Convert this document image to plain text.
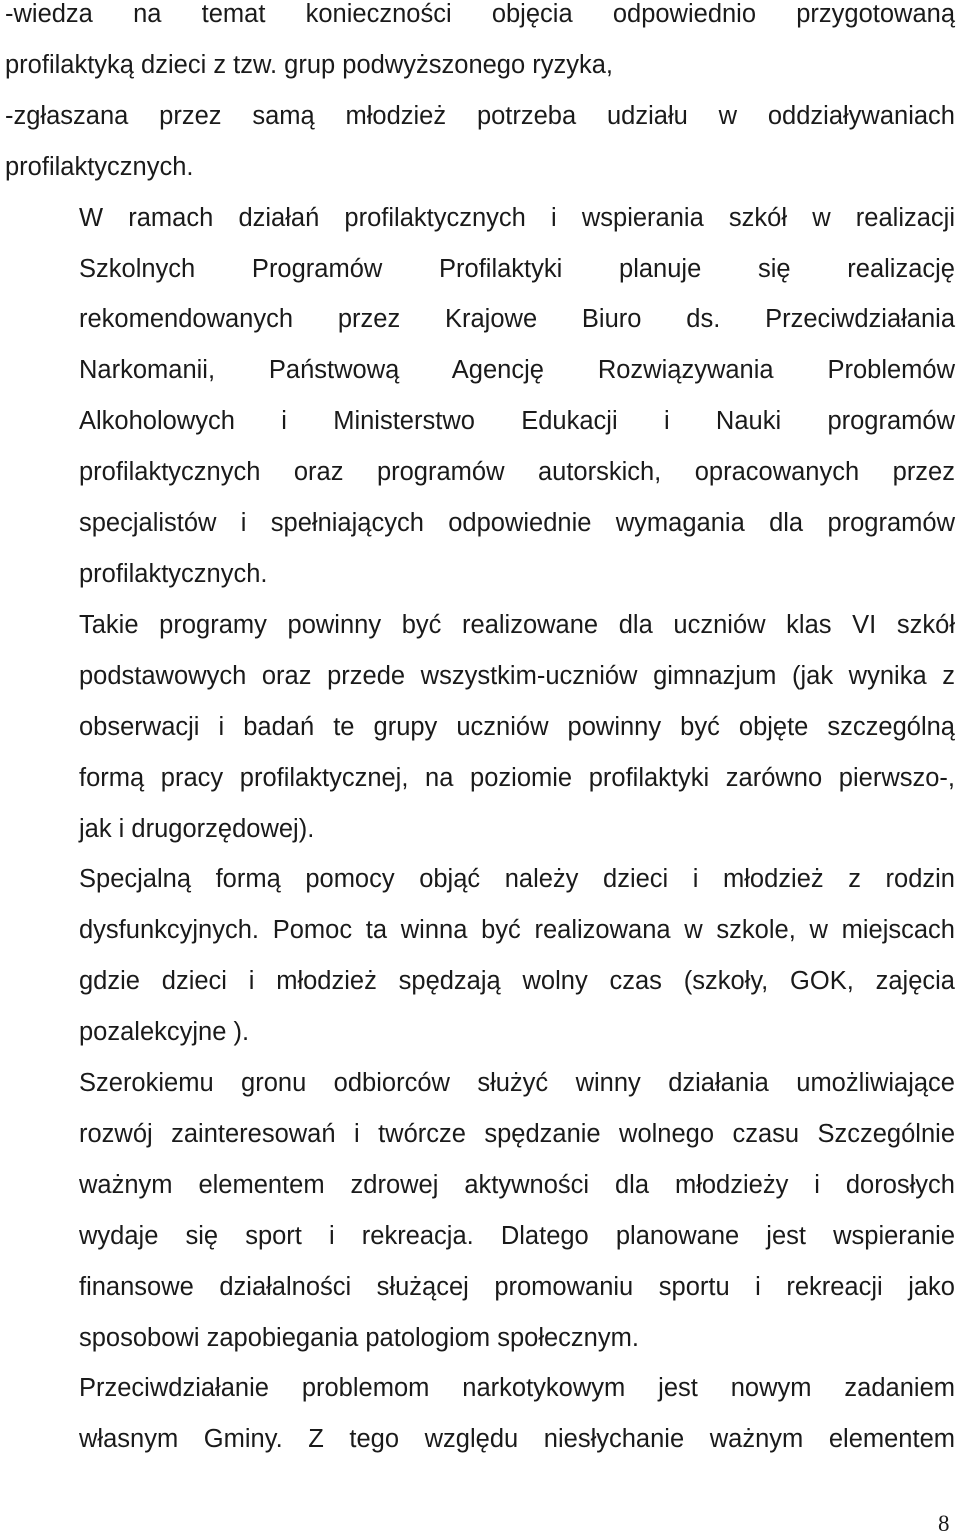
-wiedza na temat konieczności objęcia odpowiednio przygotowaną
profilaktyką dzieci z tzw. grup podwyższonego ryzyka,

-zgłaszana przez samą młodzież potrzeba udziału w oddziaływaniach
profilaktycznych.

W ramach działań profilaktycznych i wspierania szkół w realizacji
Szkolnych Programów Profilaktyki planuje się realizację
rekomendowanych przez Krajowe Biuro ds. Przeciwdziałania
Narkomanii, Państwową Agencję Rozwiązywania Problemów
Alkoholowych i Ministerstwo Edukacji i Nauki programów
profilaktycznych oraz programów autorskich, opracowanych przez
specjalistów i spełniających odpowiednie wymagania dla programów
profilaktycznych.

Takie programy powinny być realizowane dla uczniów klas VI szkół
podstawowych oraz przede wszystkim-uczniów gimnazjum (jak wynika z
obserwacji i badań te grupy uczniów powinny być objęte szczególną
formą pracy profilaktycznej, na poziomie profilaktyki zarówno pierwszo-,
jak i drugorzędowej).

Specjalną formą pomocy objąć należy dzieci i młodzież z rodzin
dysfunkcyjnych. Pomoc ta winna być realizowana w szkole, w miejscach
gdzie dzieci i młodzież spędzają wolny czas (szkoły, GOK, zajęcia
pozalekcyjne ).

Szerokiemu gronu odbiorców służyć winny działania umożliwiające
rozwój zainteresowań i twórcze spędzanie wolnego czasu Szczególnie
ważnym elementem zdrowej aktywności dla młodzieży i dorosłych
wydaje się sport i rekreacja. Dlatego planowane jest wspieranie
finansowe działalności służącej promowaniu sportu i rekreacji jako
sposobowi zapobiegania patologiom społecznym.

Przeciwdziałanie problemom narkotykowym jest nowym zadaniem
własnym Gminy. Z tego względu niesłychanie ważnym elementem

8
